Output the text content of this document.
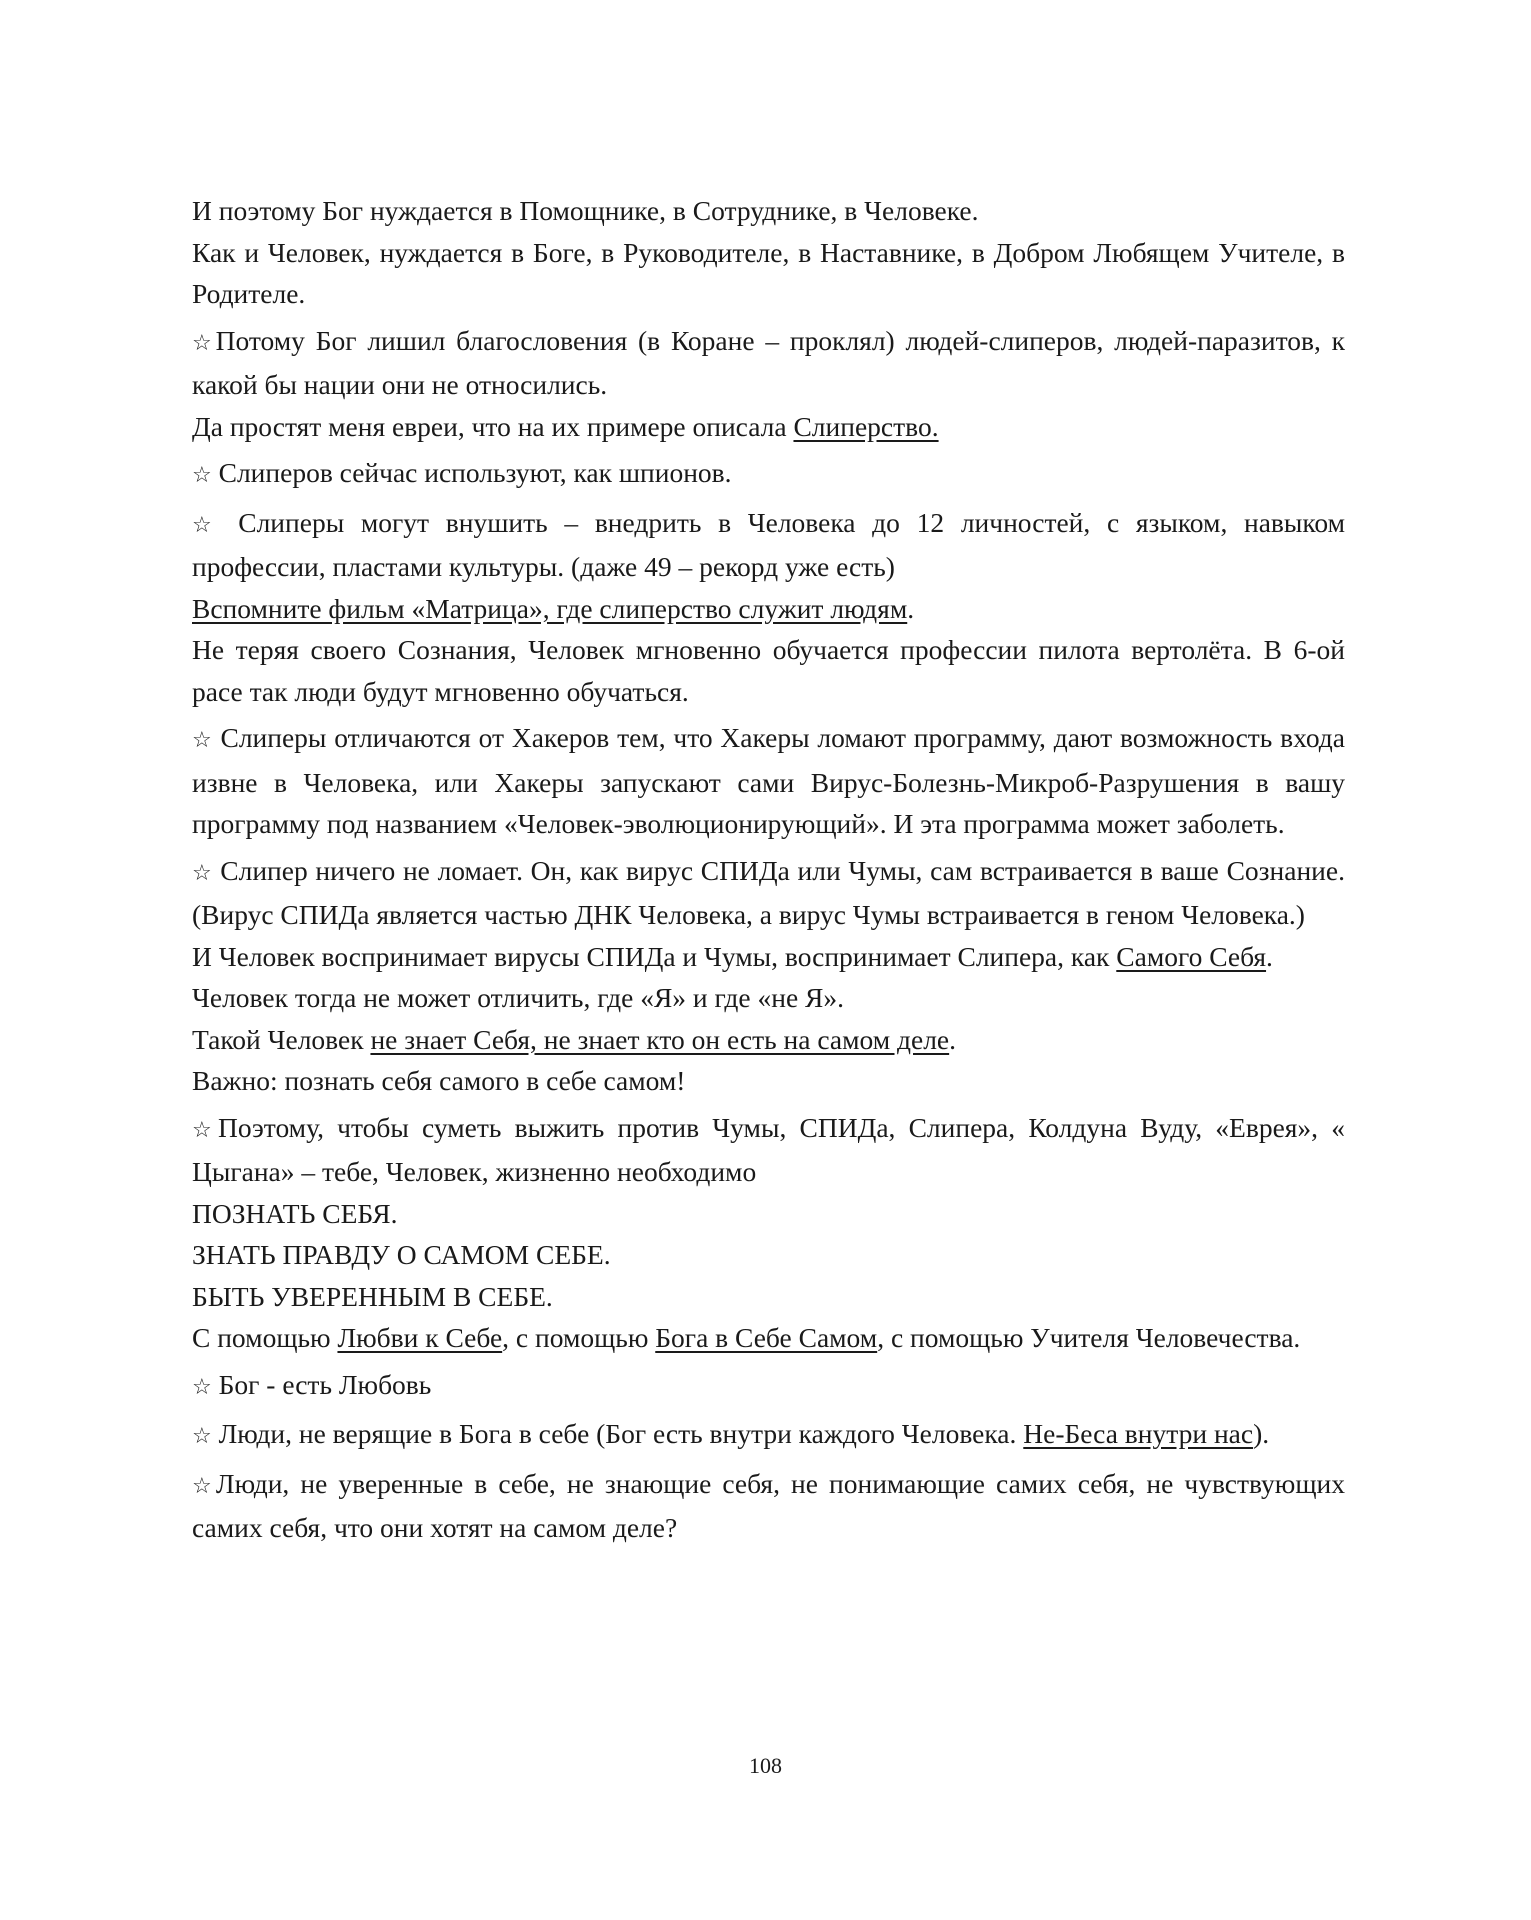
И поэтому Бог нуждается в Помощнике, в Сотруднике, в Человеке.

Как и Человек, нуждается в Боге, в Руководителе, в Наставнике, в Добром Любящем Учителе, в Родителе.

☆Потому Бог лишил благословения (в Коране – проклял) людей-слиперов, людей-паразитов, к какой бы нации они не относились.

Да простят меня евреи, что на их примере описала Слиперство.

☆ Слиперов сейчас используют, как шпионов.

☆ Слиперы могут внушить – внедрить в Человека до 12 личностей, с языком, навыком профессии, пластами культуры. (даже 49 – рекорд уже есть)

Вспомните фильм «Матрица», где слиперство служит людям.

Не теряя своего Сознания, Человек мгновенно обучается профессии пилота вертолёта. В 6-ой расе так люди будут мгновенно обучаться.

☆ Слиперы отличаются от Хакеров тем, что Хакеры ломают программу, дают возможность входа извне в Человека, или Хакеры запускают сами Вирус-Болезнь-Микроб-Разрушения в вашу программу под названием «Человек-эволюционирующий». И эта программа может заболеть.

☆ Слипер ничего не ломает. Он, как вирус СПИДа или Чумы, сам встраивается в ваше Сознание. (Вирус СПИДа является частью ДНК Человека, а вирус Чумы встраивается в геном Человека.)

И Человек воспринимает вирусы СПИДа и Чумы, воспринимает Слипера, как Самого Себя.

Человек тогда не может отличить, где «Я» и где «не Я».

Такой Человек не знает Себя, не знает кто он есть на самом деле.

Важно: познать себя самого в себе самом!

☆Поэтому, чтобы суметь выжить против Чумы, СПИДа, Слипера, Колдуна Вуду, «Еврея», « Цыгана» – тебе, Человек, жизненно необходимо

ПОЗНАТЬ СЕБЯ.

ЗНАТЬ ПРАВДУ О САМОМ СЕБЕ.

БЫТЬ УВЕРЕННЫМ В СЕБЕ.

С помощью Любви к Себе, с помощью Бога в Себе Самом, с помощью Учителя Человечества.

☆ Бог - есть Любовь

☆ Люди, не верящие в Бога в себе (Бог есть внутри каждого Человека. Не-Беса внутри нас).

☆Люди, не уверенные в себе, не знающие себя, не понимающие самих себя, не чувствующих самих себя, что они хотят на самом деле?

108
